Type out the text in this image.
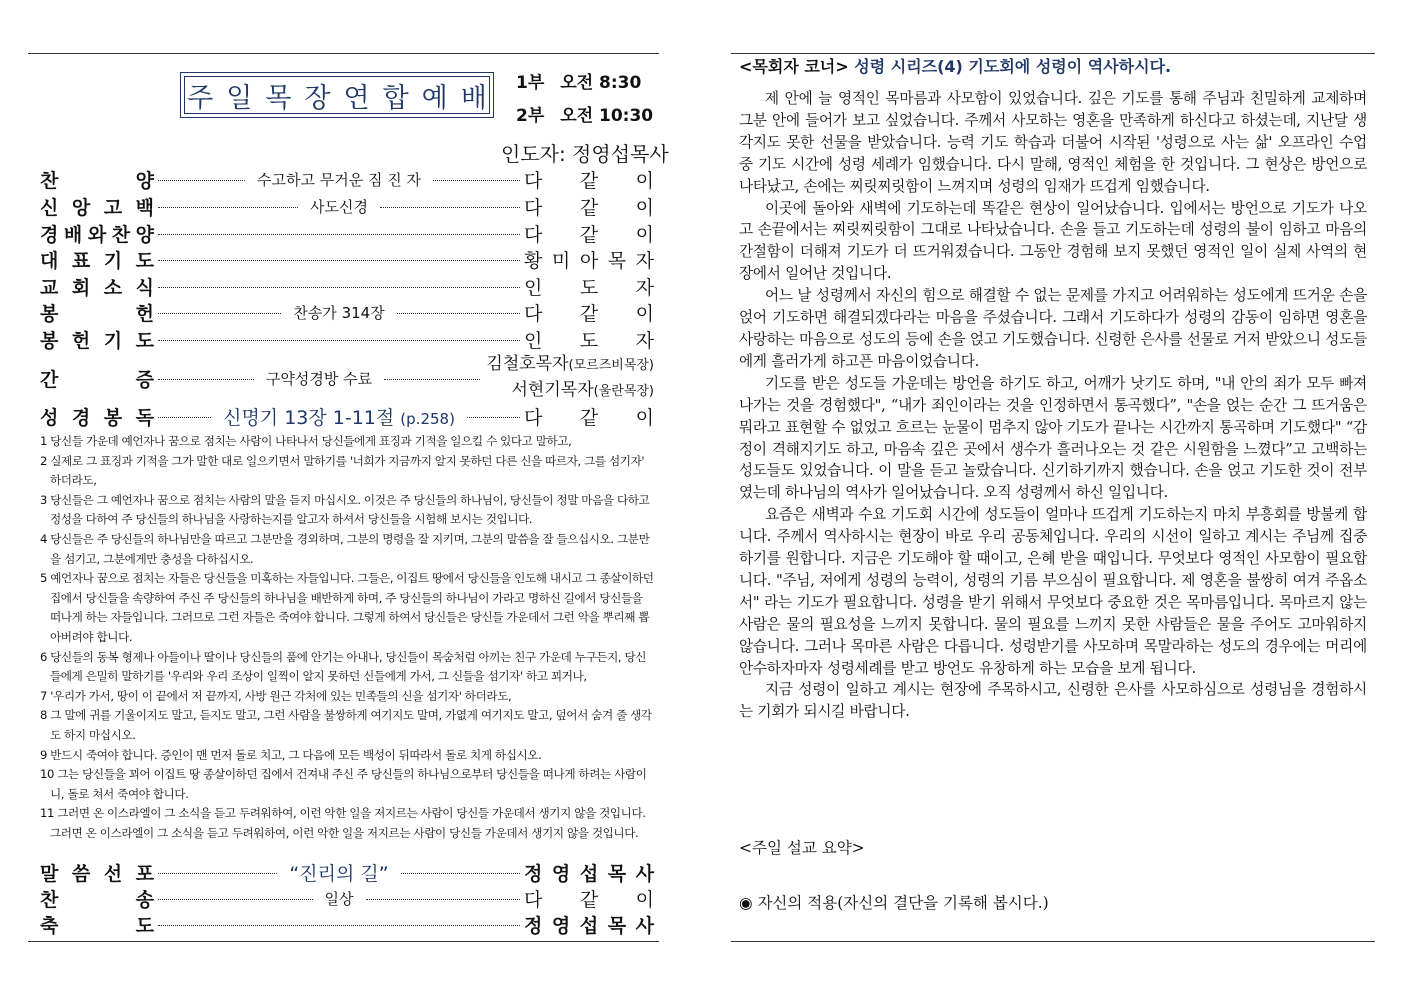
주일목장연합예배 1부 오전 8:30
2부 오전 10:30
인도자: 정영섭목사
찬	양	수고하고 무거운 짐 진 자	다 같 이
신 앙 고 백	사도신경	다 같 이
경 배 와 찬 양	다 같 이
대 표 기 도	황 미 아 목 자
교 회 소 식	인 도 자
봉	헌	찬송가 314장	다 같 이
봉 헌 기 도	인 도 자
간	증	구약성경방 수료
김철호목자(모르즈비목장)
서현기목자(울란목장)
성 경 봉 독	신명기 13장 1-11절 (p.258)	다 같 이

1 당신들 가운데 예언자나 꿈으로 점치는 사람이 나타나서 당신들에게 표징과 기적을 일으킬 수 있다고 말하고,

2 실제로 그 표징과 기적을 그가 말한 대로 일으키면서 말하기를 '너희가 지금까지 알지 못하던 다른 신을 따르자, 그를 섬기자' 하더라도,

3 당신들은 그 예언자나 꿈으로 점치는 사람의 말을 듣지 마십시오. 이것은 주 당신들의 하나님이, 당신들이 정말 마음을 다하고 정성을 다하여 주 당신들의 하나님을 사랑하는지를 알고자 하셔서 당신들을 시험해 보시는 것입니다.

4 당신들은 주 당신들의 하나님만을 따르고 그분만을 경외하며, 그분의 명령을 잘 지키며, 그분의 말씀을 잘 들으십시오. 그분만을 섬기고, 그분에게만 충성을 다하십시오.

5 예언자나 꿈으로 점치는 자들은 당신들을 미혹하는 자들입니다. 그들은, 이집트 땅에서 당신들을 인도해 내시고 그 종살이하던 집에서 당신들을 속량하여 주신 주 당신들의 하나님을 배반하게 하며, 주 당신들의 하나님이 가라고 명하신 길에서 당신들을 떠나게 하는 자들입니다. 그러므로 그런 자들은 죽여야 합니다. 그렇게 하여서 당신들은 당신들 가운데서 그런 악을 뿌리째 뽑아버려야 합니다.

6 당신들의 동복 형제나 아들이나 딸이나 당신들의 품에 안기는 아내나, 당신들이 목숨처럼 아끼는 친구 가운데 누구든지, 당신들에게 은밀히 말하기를 '우리와 우리 조상이 일찍이 알지 못하던 신들에게 가서, 그 신들을 섬기자' 하고 꾀거나,

7 '우리가 가서, 땅이 이 끝에서 저 끝까지, 사방 원근 각처에 있는 민족들의 신을 섬기자' 하더라도,

8 그 말에 귀를 기울이지도 말고, 듣지도 말고, 그런 사람을 불쌍하게 여기지도 말며, 가엾게 여기지도 말고, 덮어서 숨겨 줄 생각도 하지 마십시오.

9 반드시 죽여야 합니다. 증인이 맨 먼저 돌로 치고, 그 다음에 모든 백성이 뒤따라서 돌로 치게 하십시오.

10 그는 당신들을 꾀어 이집트 땅 종살이하던 집에서 건져내 주신 주 당신들의 하나님으로부터 당신들을 떠나게 하려는 사람이니, 돌로 쳐서 죽여야 합니다.

11 그러면 온 이스라엘이 그 소식을 듣고 두려워하여, 이런 악한 일을 저지르는 사람이 당신들 가운데서 생기지 않을 것입니다. 그러면 온 이스라엘이 그 소식을 듣고 두려워하여, 이런 악한 일을 저지르는 사람이 당신들 가운데서 생기지 않을 것입니다.

말 씀 선 포	“진리의 길”	정 영 섭 목 사
찬	송	일상	다 같 이
축	도	정 영 섭 목 사
<목회자 코너> 성령 시리즈(4) 기도회에 성령이 역사하시다.

제 안에 늘 영적인 목마름과 사모함이 있었습니다. 깊은 기도를 통해 주님과 친밀하게 교제하며 그분 안에 들어가 보고 싶었습니다. 주께서 사모하는 영혼을 만족하게 하신다고 하셨는데, 지난달 생각지도 못한 선물을 받았습니다. 능력 기도 학습과 더불어 시작된 '성령으로 사는 삶' 오프라인 수업 중 기도 시간에 성령 세례가 임했습니다. 다시 말해, 영적인 체험을 한 것입니다. 그 현상은 방언으로 나타났고, 손에는 찌릿찌릿함이 느껴지며 성령의 임재가 뜨겁게 임했습니다.

이곳에 돌아와 새벽에 기도하는데 똑같은 현상이 일어났습니다. 입에서는 방언으로 기도가 나오고 손끝에서는 찌릿찌릿함이 그대로 나타났습니다. 손을 들고 기도하는데 성령의 불이 임하고 마음의 간절함이 더해져 기도가 더 뜨거워졌습니다. 그동안 경험해 보지 못했던 영적인 일이 실제 사역의 현장에서 일어난 것입니다.

어느 날 성령께서 자신의 힘으로 해결할 수 없는 문제를 가지고 어려워하는 성도에게 뜨거운 손을 얹어 기도하면 해결되겠다라는 마음을 주셨습니다. 그래서 기도하다가 성령의 감동이 임하면 영혼을 사랑하는 마음으로 성도의 등에 손을 얹고 기도했습니다. 신령한 은사를 선물로 거저 받았으니 성도들에게 흘러가게 하고픈 마음이었습니다.

기도를 받은 성도들 가운데는 방언을 하기도 하고, 어깨가 낫기도 하며, "내 안의 죄가 모두 빠져나가는 것을 경험했다", “내가 죄인이라는 것을 인정하면서 통곡했다”, "손을 얹는 순간 그 뜨거움은 뭐라고 표현할 수 없었고 흐르는 눈물이 멈추지 않아 기도가 끝나는 시간까지 통곡하며 기도했다" “감정이 격해지기도 하고, 마음속 깊은 곳에서 생수가 흘러나오는 것 같은 시원함을 느꼈다”고 고백하는 성도들도 있었습니다. 이 말을 듣고 놀랐습니다. 신기하기까지 했습니다. 손을 얹고 기도한 것이 전부였는데 하나님의 역사가 일어났습니다. 오직 성령께서 하신 일입니다.

요즘은 새벽과 수요 기도회 시간에 성도들이 얼마나 뜨겁게 기도하는지 마치 부흥회를 방불케 합니다. 주께서 역사하시는 현장이 바로 우리 공동체입니다. 우리의 시선이 일하고 계시는 주님께 집중하기를 원합니다. 지금은 기도해야 할 때이고, 은혜 받을 때입니다. 무엇보다 영적인 사모함이 필요합니다. "주님, 저에게 성령의 능력이, 성령의 기름 부으심이 필요합니다. 제 영혼을 불쌍히 여겨 주옵소서" 라는 기도가 필요합니다. 성령을 받기 위해서 무엇보다 중요한 것은 목마름입니다. 목마르지 않는 사람은 물의 필요성을 느끼지 못합니다. 물의 필요를 느끼지 못한 사람들은 물을 주어도 고마워하지 않습니다. 그러나 목마른 사람은 다릅니다. 성령받기를 사모하며 목말라하는 성도의 경우에는 머리에 안수하자마자 성령세례를 받고 방언도 유창하게 하는 모습을 보게 됩니다.

지금 성령이 일하고 계시는 현장에 주목하시고, 신령한 은사를 사모하심으로 성령님을 경험하시는 기회가 되시길 바랍니다.

<주일 설교 요약>
◉ 자신의 적용(자신의 결단을 기록해 봅시다.)
